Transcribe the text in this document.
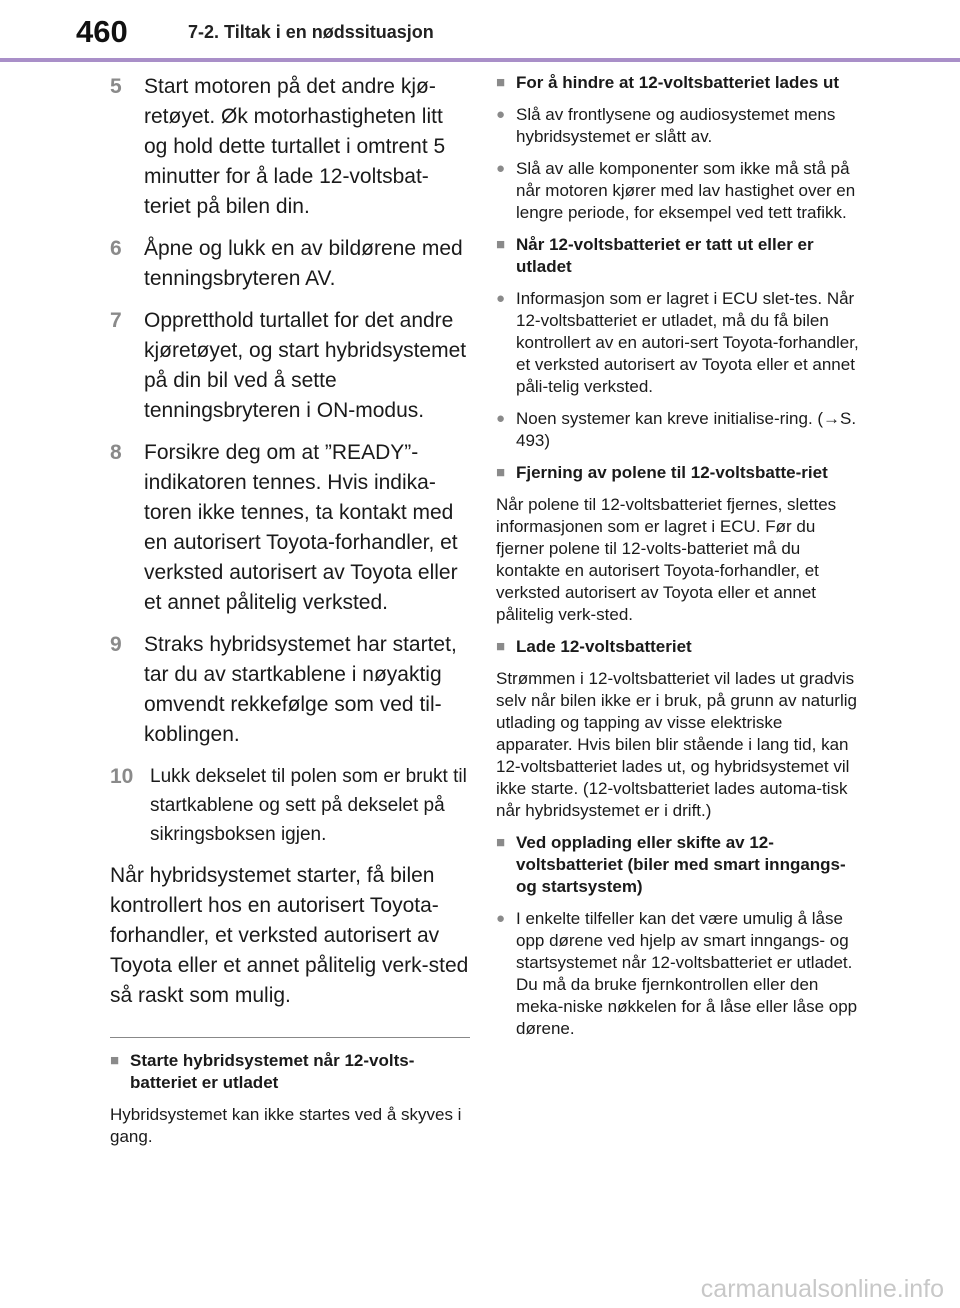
460	7-2. Tiltak i en nødssituasjon
5	Start motoren på det andre kjø-retøyet. Øk motorhastigheten litt og hold dette turtallet i omtrent 5 minutter for å lade 12-voltsbat-teriet på bilen din.
6	Åpne og lukk en av bildørene med tenningsbryteren AV.
7	Oppretthold turtallet for det andre kjøretøyet, og start hybridsystemet på din bil ved å sette tenningsbryteren i ON-modus.
8	Forsikre deg om at ”READY”-indikatoren tennes. Hvis indika-toren ikke tennes, ta kontakt med en autorisert Toyota-forhandler, et verksted autorisert av Toyota eller et annet pålitelig verksted.
9	Straks hybridsystemet har startet, tar du av startkablene i nøyaktig omvendt rekkefølge som ved til-koblingen.
10 Lukk dekselet til polen som er brukt til startkablene og sett på dekselet på sikringsboksen igjen.
Når hybridsystemet starter, få bilen kontrollert hos en autorisert Toyota-forhandler, et verksted autorisert av Toyota eller et annet pålitelig verk-sted så raskt som mulig.
■ Starte hybridsystemet når 12-volts-batteriet er utladet
Hybridsystemet kan ikke startes ved å skyves i gang.
■ For å hindre at 12-voltsbatteriet lades ut
● Slå av frontlysene og audiosystemet mens hybridsystemet er slått av.
● Slå av alle komponenter som ikke må stå på når motoren kjører med lav hastighet over en lengre periode, for eksempel ved tett trafikk.
■ Når 12-voltsbatteriet er tatt ut eller er utladet
● Informasjon som er lagret i ECU slet-tes. Når 12-voltsbatteriet er utladet, må du få bilen kontrollert av en autori-sert Toyota-forhandler, et verksted autorisert av Toyota eller et annet påli-telig verksted.
● Noen systemer kan kreve initialise-ring. (→S. 493)
■ Fjerning av polene til 12-voltsbatte-riet
Når polene til 12-voltsbatteriet fjernes, slettes informasjonen som er lagret i ECU. Før du fjerner polene til 12-volts-batteriet må du kontakte en autorisert Toyota-forhandler, et verksted autorisert av Toyota eller et annet pålitelig verk-sted.
■ Lade 12-voltsbatteriet
Strømmen i 12-voltsbatteriet vil lades ut gradvis selv når bilen ikke er i bruk, på grunn av naturlig utlading og tapping av visse elektriske apparater. Hvis bilen blir stående i lang tid, kan 12-voltsbatteriet lades ut, og hybridsystemet vil ikke starte. (12-voltsbatteriet lades automa-tisk når hybridsystemet er i drift.)
■ Ved opplading eller skifte av 12-voltsbatteriet (biler med smart inngangs- og startsystem)
● I enkelte tilfeller kan det være umulig å låse opp dørene ved hjelp av smart inngangs- og startsystemet når 12-voltsbatteriet er utladet. Du må da bruke fjernkontrollen eller den meka-niske nøkkelen for å låse eller låse opp dørene.
carmanualsonline.info
